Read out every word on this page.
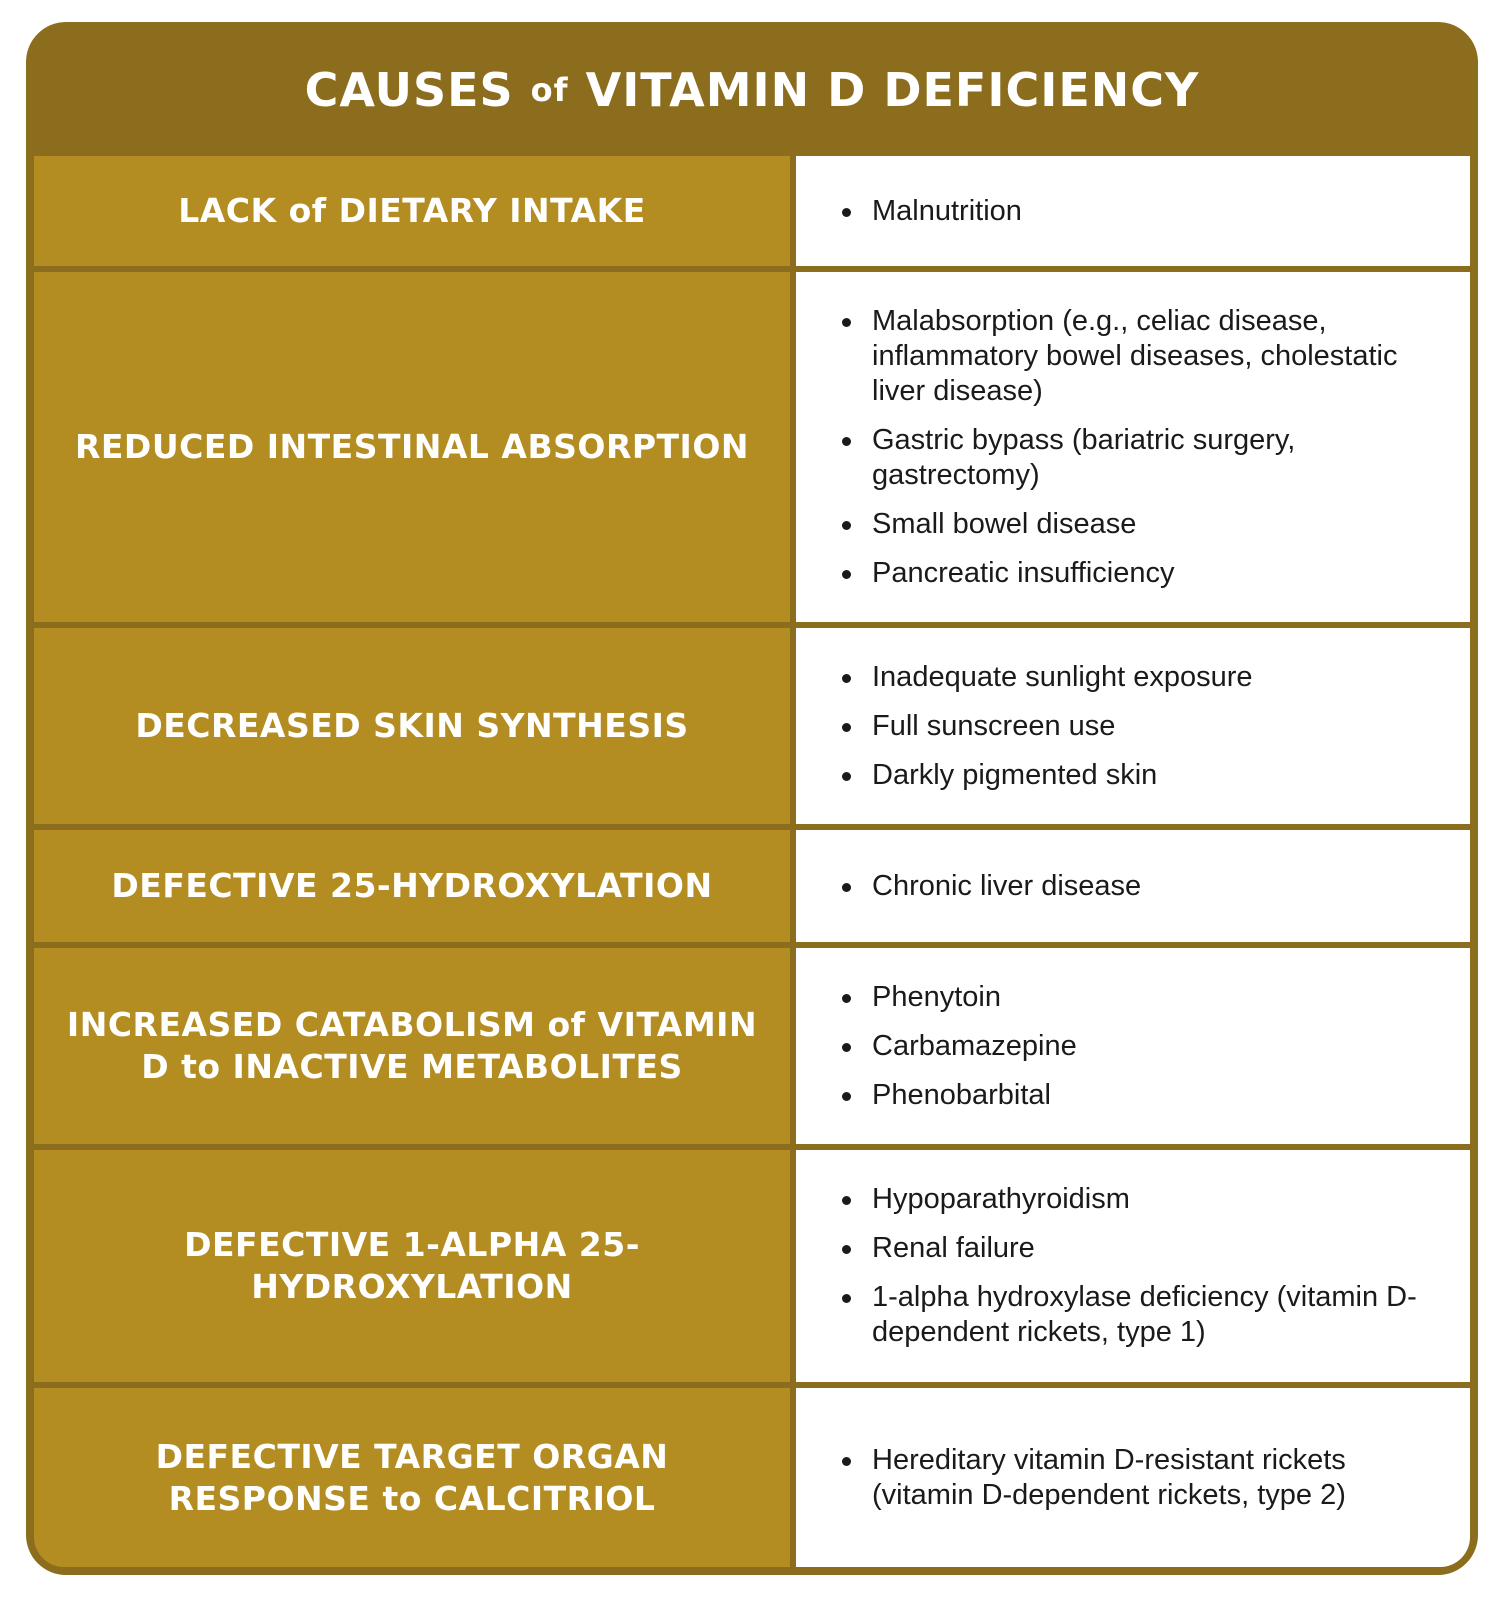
CAUSES
of
VITAMIN D DEFICIENCY
LACK of DIETARY INTAKE	Malnutrition
REDUCED INTESTINAL ABSORPTION
Malabsorption (e.g., celiac disease, inflammatory bowel diseases, cholestatic liver disease)
Gastric bypass (bariatric surgery, gastrectomy)
Small bowel disease
Pancreatic insufficiency
DECREASED SKIN SYNTHESIS
Inadequate sunlight exposure
Full sunscreen use
Darkly pigmented skin
DEFECTIVE 25-HYDROXYLATION	Chronic liver disease
INCREASED CATABOLISM of VITAMIN D to INACTIVE METABOLITES
Phenytoin
Carbamazepine
Phenobarbital
DEFECTIVE 1-ALPHA 25-HYDROXYLATION
Hypoparathyroidism
Renal failure
1-alpha hydroxylase deficiency (vitamin D-dependent rickets, type 1)
DEFECTIVE TARGET ORGAN RESPONSE to CALCITRIOL
Hereditary vitamin D-resistant rickets (vitamin D-dependent rickets, type 2)
